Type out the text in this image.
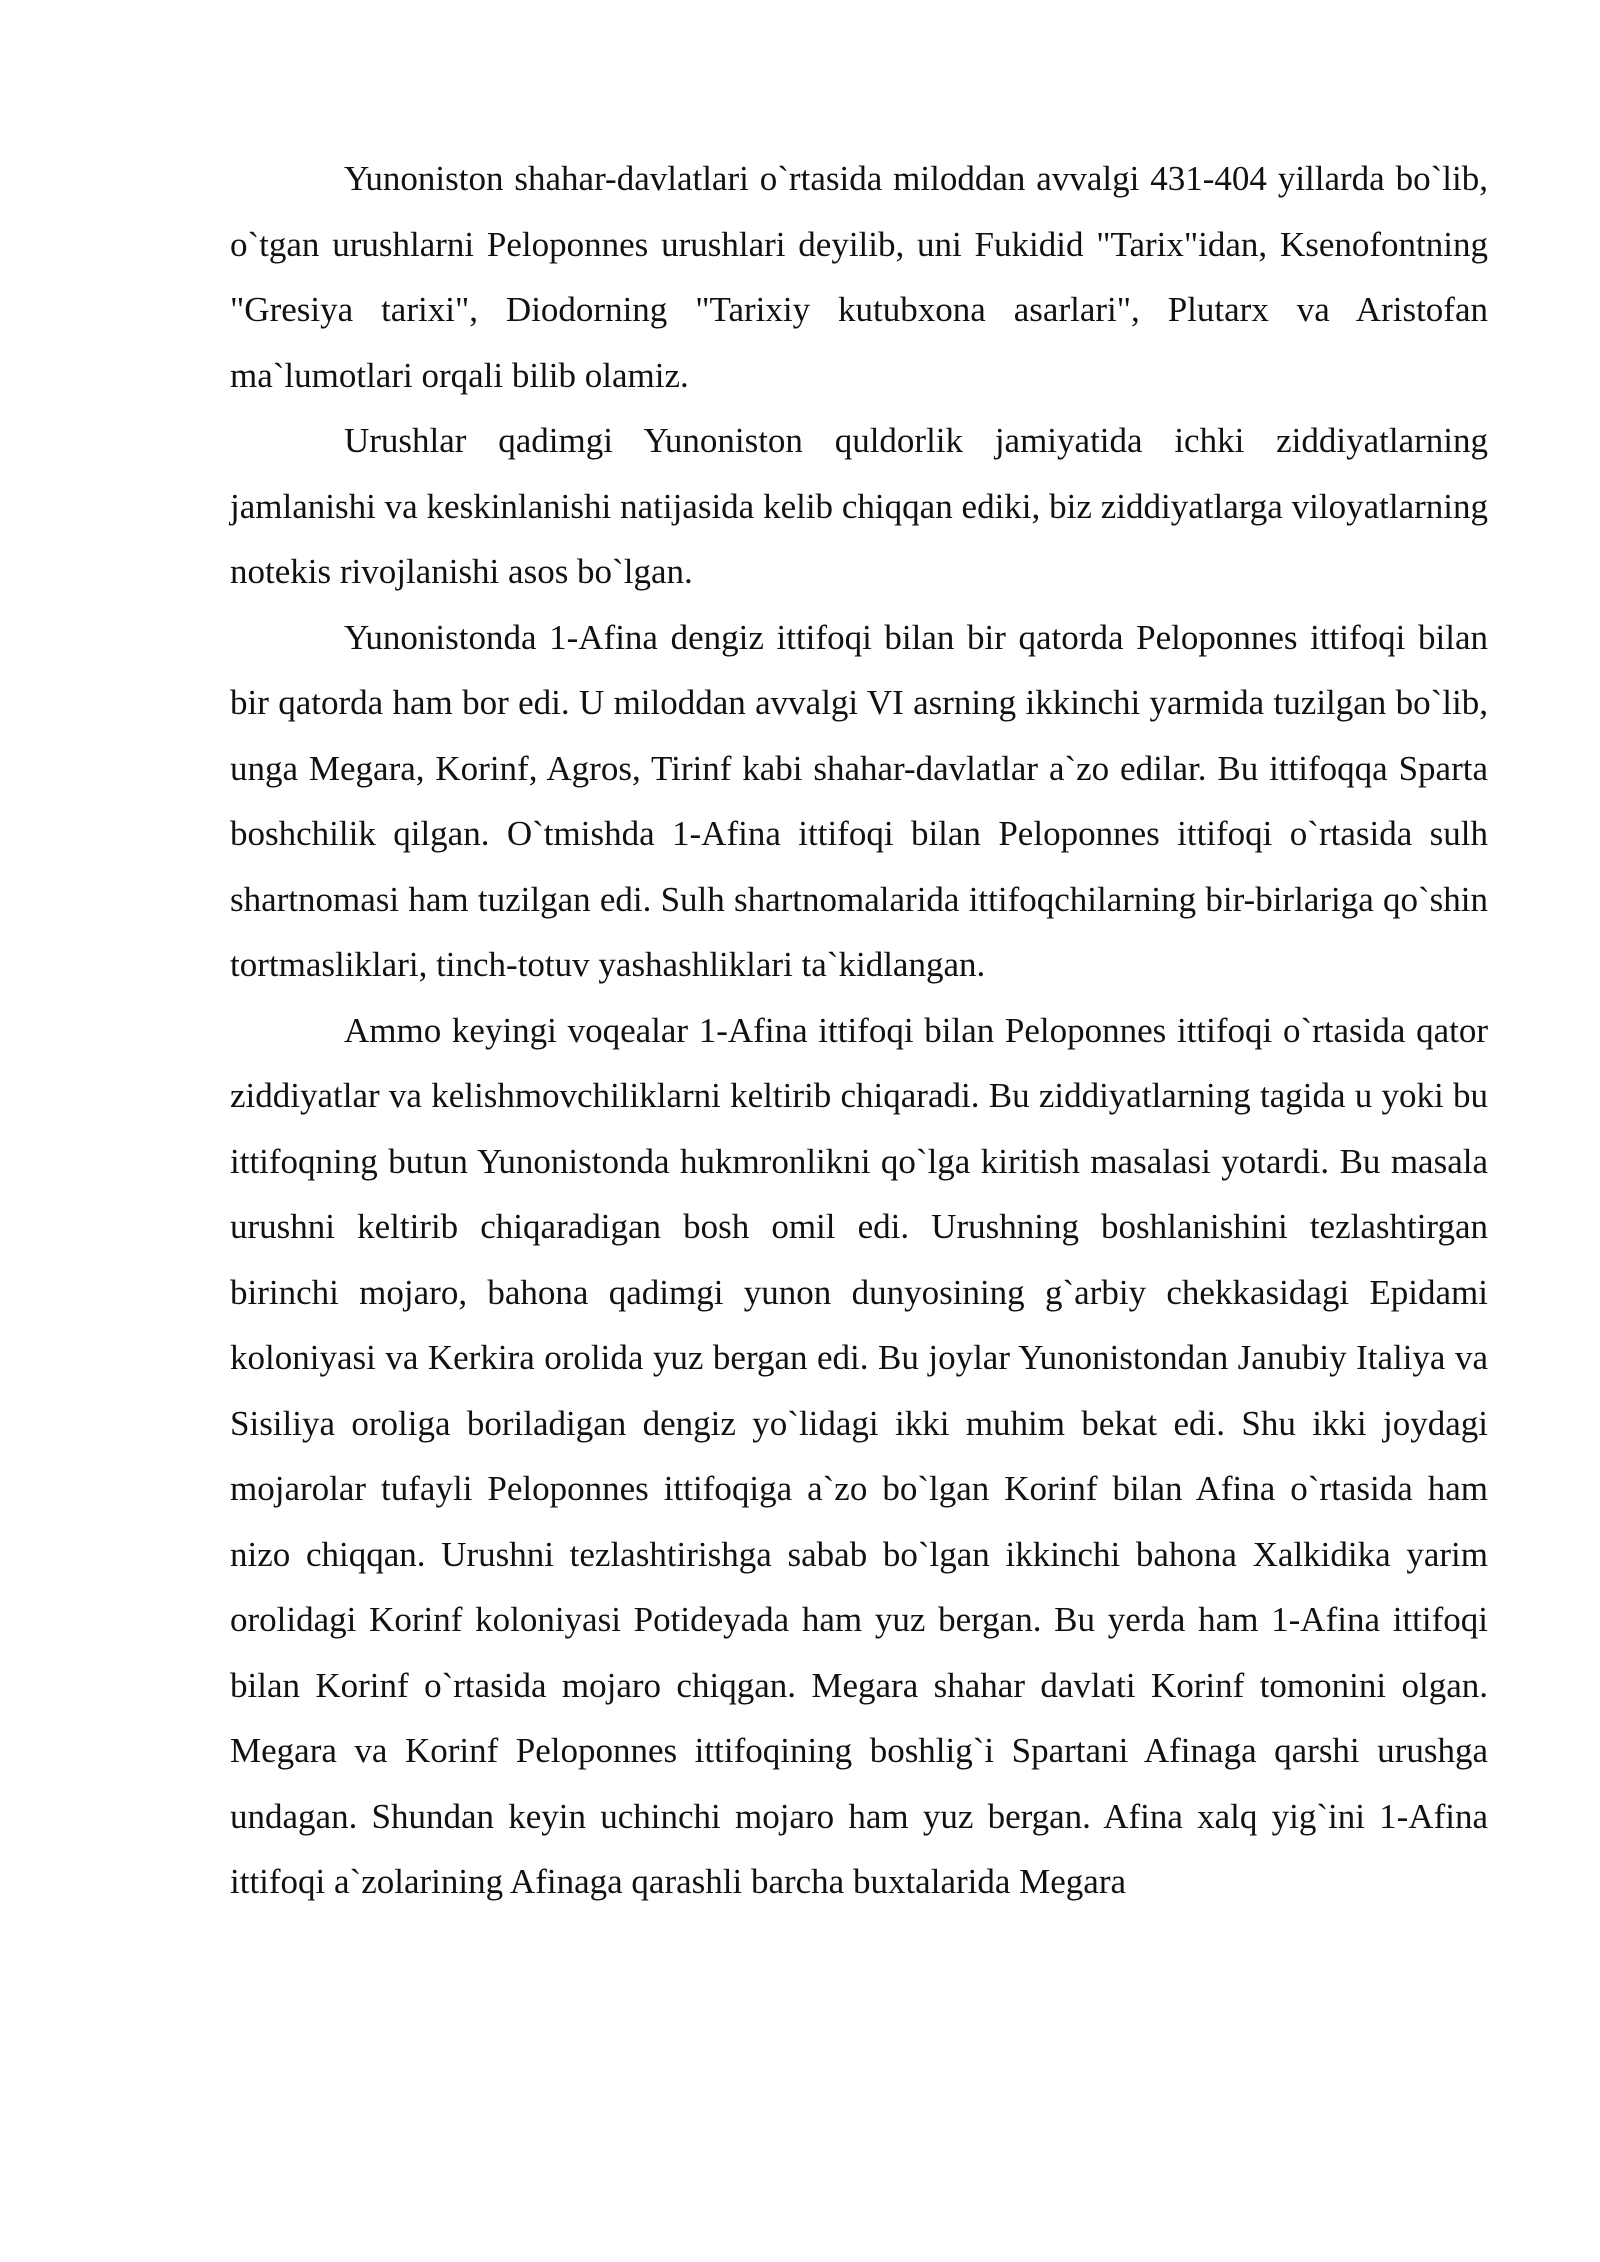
Yunoniston shahar-davlatlari o`rtasida miloddan avvalgi 431-404 yillarda bo`lib, o`tgan urushlarni Peloponnes urushlari deyilib, uni Fukidid "Tarix"idan, Ksenofontning "Gresiya tarixi", Diodorning "Tarixiy kutubxona asarlari", Plutarx va Aristofan ma`lumotlari orqali bilib olamiz.

Urushlar qadimgi Yunoniston quldorlik jamiyatida ichki ziddiyatlarning jamlanishi va keskinlanishi natijasida kelib chiqqan ediki, biz ziddiyatlarga viloyatlarning notekis rivojlanishi asos bo`lgan.

Yunonistonda 1-Afina dengiz ittifoqi bilan bir qatorda Peloponnes ittifoqi bilan bir qatorda ham bor edi. U miloddan avvalgi VI asrning ikkinchi yarmida tuzilgan bo`lib, unga Megara, Korinf, Agros, Tirinf kabi shahar-davlatlar a`zo edilar. Bu ittifoqqa Sparta boshchilik qilgan. O`tmishda 1-Afina ittifoqi bilan Peloponnes ittifoqi o`rtasida sulh shartnomasi ham tuzilgan edi. Sulh shartnomalarida ittifoqchilarning bir-birlariga qo`shin tortmasliklari, tinch-totuv yashashliklari ta`kidlangan.

Ammo keyingi voqealar 1-Afina ittifoqi bilan Peloponnes ittifoqi o`rtasida qator ziddiyatlar va kelishmovchiliklarni keltirib chiqaradi. Bu ziddiyatlarning tagida u yoki bu ittifoqning butun Yunonistonda hukmronlikni qo`lga kiritish masalasi yotardi. Bu masala urushni keltirib chiqaradigan bosh omil edi. Urushning boshlanishini tezlashtirgan birinchi mojaro, bahona qadimgi yunon dunyosining g`arbiy chekkasidagi Epidami koloniyasi va Kerkira orolida yuz bergan edi. Bu joylar Yunonistondan Janubiy Italiya va Sisiliya oroliga boriladigan dengiz yo`lidagi ikki muhim bekat edi. Shu ikki joydagi mojarolar tufayli Peloponnes ittifoqiga a`zo bo`lgan Korinf bilan Afina o`rtasida ham nizo chiqqan. Urushni tezlashtirishga sabab bo`lgan ikkinchi bahona Xalkidika yarim orolidagi Korinf koloniyasi Potideyada ham yuz bergan. Bu yerda ham 1-Afina ittifoqi bilan Korinf o`rtasida mojaro chiqgan. Megara shahar davlati Korinf tomonini olgan. Megara va Korinf Peloponnes ittifoqining boshlig`i Spartani Afinaga qarshi urushga undagan. Shundan keyin uchinchi mojaro ham yuz bergan. Afina xalq yig`ini 1-Afina ittifoqi a`zolarining Afinaga qarashli barcha buxtalarida Megara
